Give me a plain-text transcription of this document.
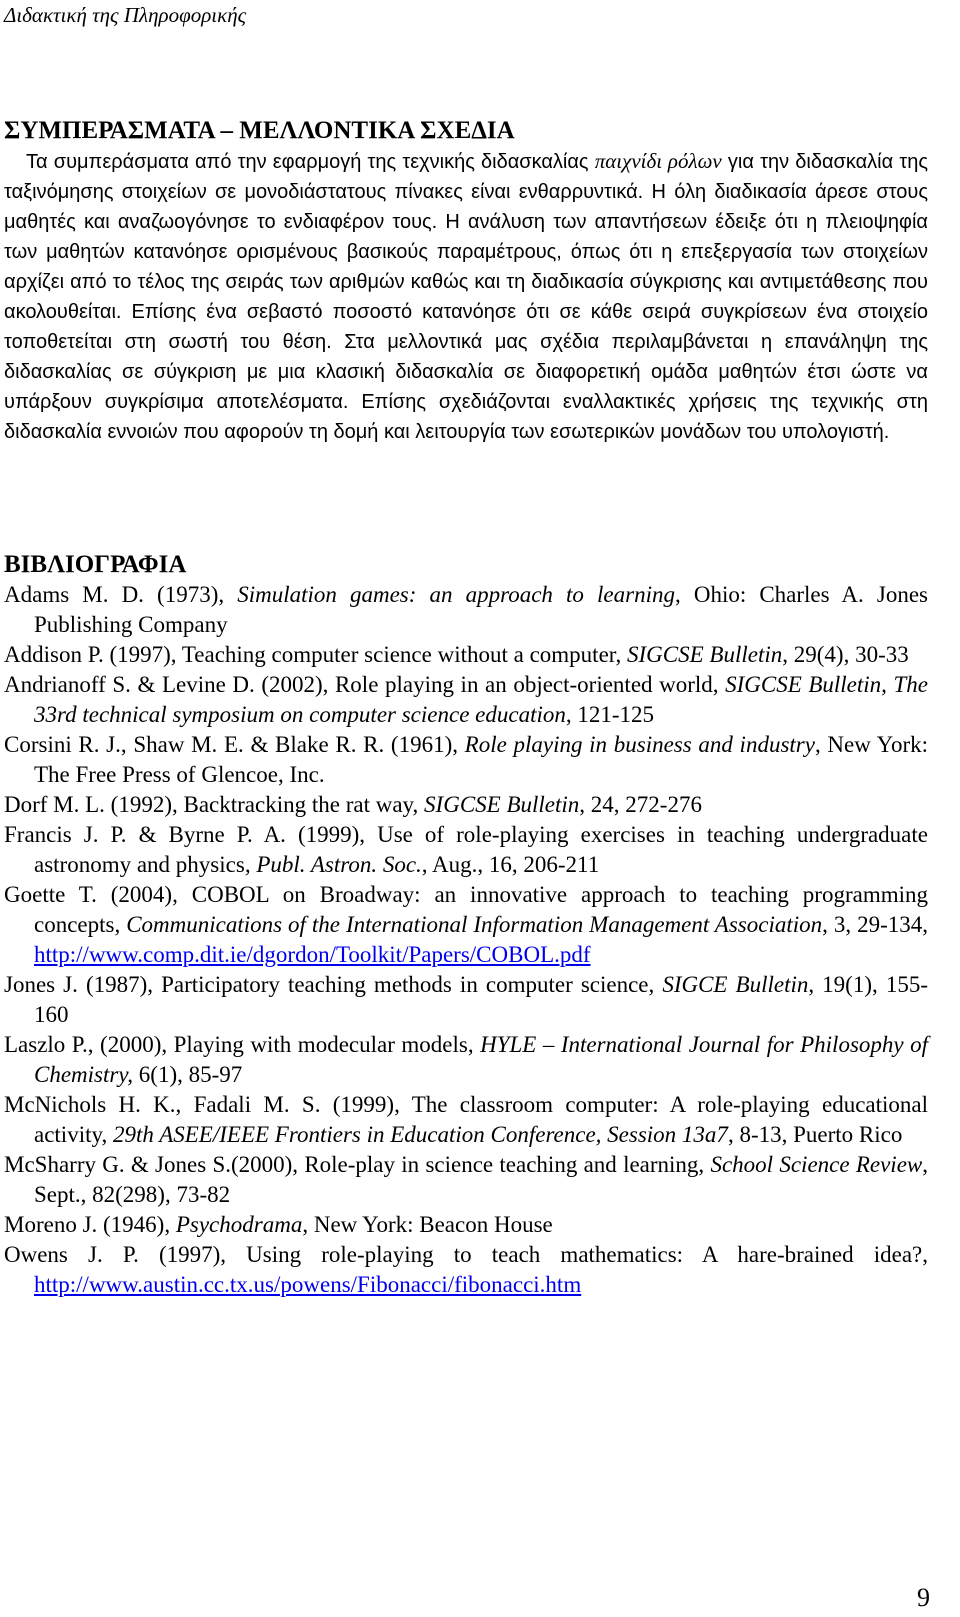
Διδακτική της Πληροφορικής
ΣΥΜΠΕΡΑΣΜΑΤΑ – ΜΕΛΛΟΝΤΙΚΑ ΣΧΕΔΙΑ

Τα συμπεράσματα από την εφαρμογή της τεχνικής διδασκαλίας παιχνίδι ρόλων για την διδασκαλία της ταξινόμησης στοιχείων σε μονοδιάστατους πίνακες είναι ενθαρρυντικά. Η όλη διαδικασία άρεσε στους μαθητές και αναζωογόνησε το ενδιαφέρον τους. Η ανάλυση των απαντήσεων έδειξε ότι η πλειοψηφία των μαθητών κατανόησε ορισμένους βασικούς παραμέτρους, όπως ότι η επεξεργασία των στοιχείων αρχίζει από το τέλος της σειράς των αριθμών καθώς και τη διαδικασία σύγκρισης και αντιμετάθεσης που ακολουθείται. Επίσης ένα σεβαστό ποσοστό κατανόησε ότι σε κάθε σειρά συγκρίσεων ένα στοιχείο τοποθετείται στη σωστή του θέση. Στα μελλοντικά μας σχέδια περιλαμβάνεται η επανάληψη της διδασκαλίας σε σύγκριση με μια κλασική διδασκαλία σε διαφορετική ομάδα μαθητών έτσι ώστε να υπάρξουν συγκρίσιμα αποτελέσματα. Επίσης σχεδιάζονται εναλλακτικές χρήσεις της τεχνικής στη διδασκαλία εννοιών που αφορούν τη δομή και λειτουργία των εσωτερικών μονάδων του υπολογιστή.

ΒΙΒΛΙΟΓΡΑΦΙΑ
Adams M. D. (1973), Simulation games: an approach to learning, Ohio: Charles A. Jones Publishing Company
Addison P. (1997), Teaching computer science without a computer, SIGCSE Bulletin, 29(4), 30-33
Andrianoff S. & Levine D. (2002), Role playing in an object-oriented world, SIGCSE Bulletin, The 33rd technical symposium on computer science education, 121-125
Corsini R. J., Shaw M. E. & Blake R. R. (1961), Role playing in business and industry, New York: The Free Press of Glencoe, Inc.
Dorf M. L. (1992), Backtracking the rat way, SIGCSE Bulletin, 24, 272-276
Francis J. P. & Byrne P. A. (1999), Use of role-playing exercises in teaching undergraduate astronomy and physics, Publ. Astron. Soc., Aug., 16, 206-211
Goette T. (2004), COBOL on Broadway: an innovative approach to teaching programming concepts, Communications of the International Information Management Association, 3, 29-134, http://www.comp.dit.ie/dgordon/Toolkit/Papers/COBOL.pdf
Jones J. (1987), Participatory teaching methods in computer science, SIGCE Bulletin, 19(1), 155-160
Laszlo P., (2000), Playing with modecular models, HYLE – International Journal for Philosophy of Chemistry, 6(1), 85-97
McNichols H. K., Fadali M. S. (1999), The classroom computer: A role-playing educational activity, 29th ASEE/IEEE Frontiers in Education Conference, Session 13a7, 8-13, Puerto Rico
McSharry G. & Jones S.(2000), Role-play in science teaching and learning, School Science Review, Sept., 82(298), 73-82
Moreno J. (1946), Psychodrama, New York: Beacon House
Owens J. P. (1997), Using role-playing to teach mathematics: A hare-brained idea?, http://www.austin.cc.tx.us/powens/Fibonacci/fibonacci.htm
9
